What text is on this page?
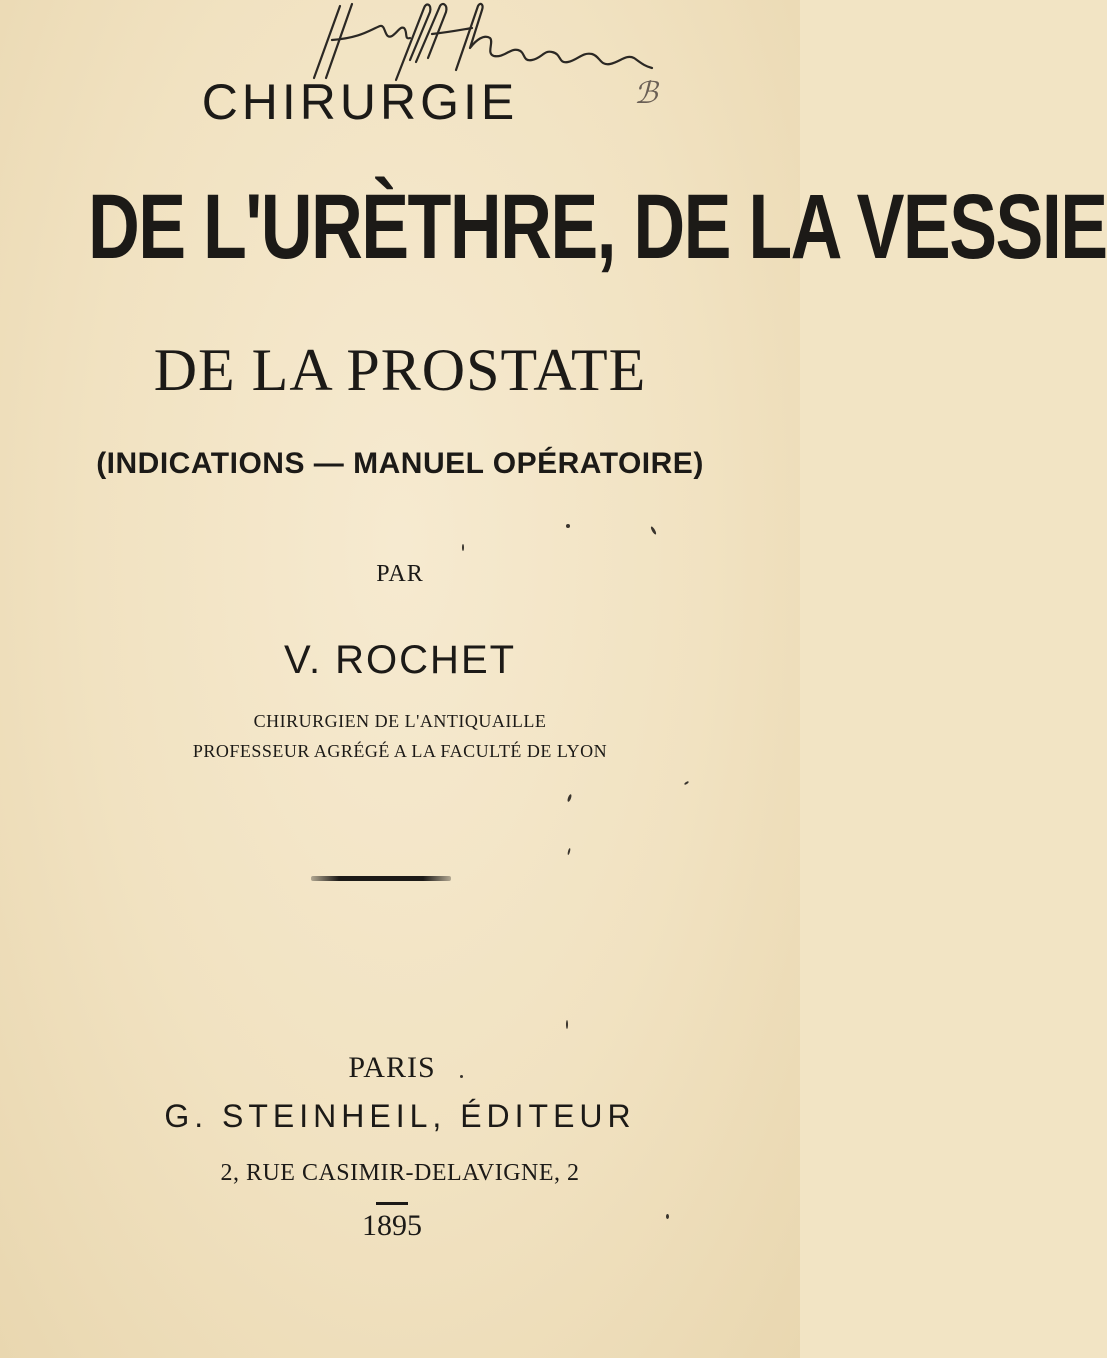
CHIRURGIE	ℬ 
DE L'URÈTHRE, DE LA VESSIE
DE LA PROSTATE
(INDICATIONS — MANUEL OPÉRATOIRE)
PAR
V. ROCHET
CHIRURGIEN DE L'ANTIQUAILLE
PROFESSEUR AGRÉGÉ A LA FACULTÉ DE LYON
PARIS
G. STEINHEIL, ÉDITEUR
2, RUE CASIMIR-DELAVIGNE, 2
1895
